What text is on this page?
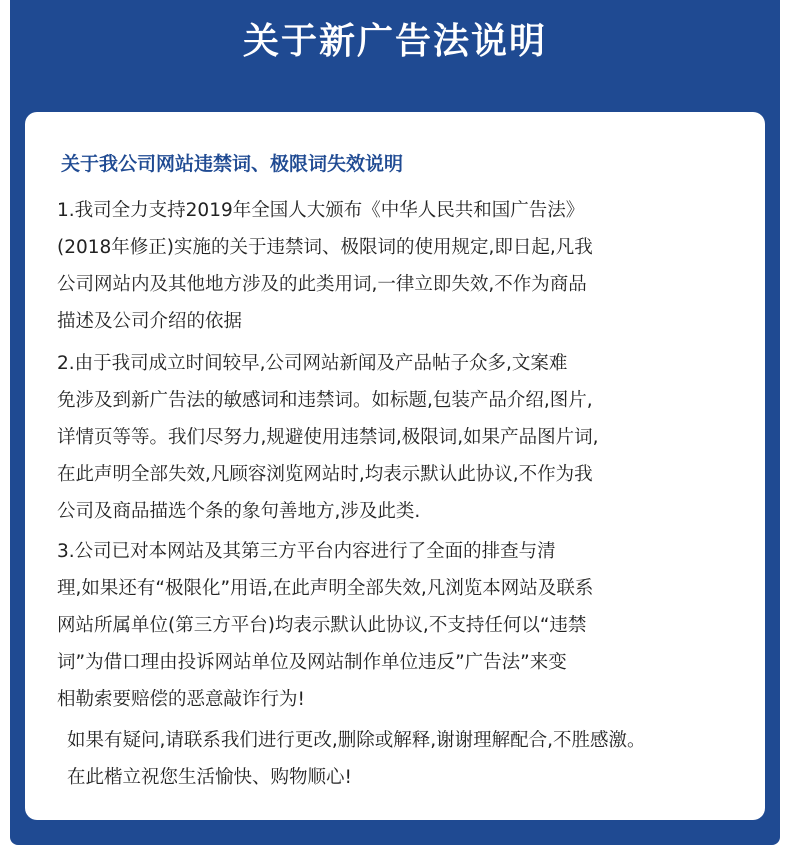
关于新广告法说明
关于我公司网站违禁词、极限词失效说明

1.我司全力支持2019年全国人大颁布《中华人民共和国广告法》
(2018年修正)实施的关于违禁词、极限词的使用规定,即日起,凡我
公司网站内及其他地方涉及的此类用词,一律立即失效,不作为商品
描述及公司介绍的依据

2.由于我司成立时间较早,公司网站新闻及产品帖子众多,文案难
免涉及到新广告法的敏感词和违禁词。如标题,包装产品介绍,图片,
详情页等等。我们尽努力,规避使用违禁词,极限词,如果产品图片词,
在此声明全部失效,凡顾容浏览网站时,均表示默认此协议,不作为我
公司及商品描选个条的象句善地方,涉及此类.

3.公司已对本网站及其第三方平台内容进行了全面的排查与清
理,如果还有“极限化”用语,在此声明全部失效,凡浏览本网站及联系
网站所属单位(第三方平台)均表示默认此协议,不支持任何以“违禁
词”为借口理由投诉网站单位及网站制作单位违反”广告法”来变
相勒索要赔偿的恶意敲诈行为!

如果有疑问,请联系我们进行更改,删除或解释,谢谢理解配合,不胜感激。
在此楷立祝您生活愉快、购物顺心!
